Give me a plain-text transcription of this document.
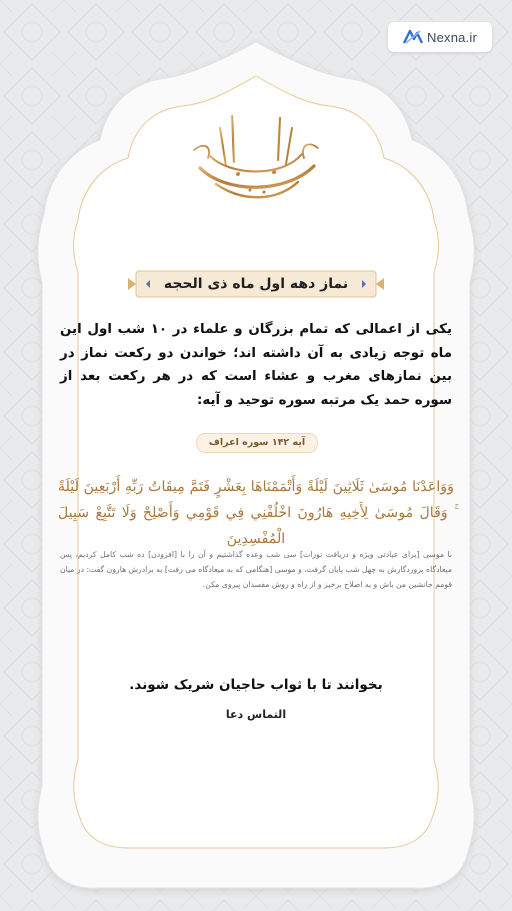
Nexna.ir
نماز دهه اول ماه ذی الحجه
یکی از اعمالی که تمام بزرگان و علماء در ۱۰ شب اول این ماه توجه زیادی به آن داشته اند؛ خواندن دو رکعت نماز در بین نمازهای مغرب و عشاء است که در هر رکعت بعد از سوره حمد یک مرتبه سوره توحید و آیه:
آیه ۱۴۲ سوره اعراف
وَوَاعَدْنَا مُوسَىٰ ثَلَاثِينَ لَيْلَةً وَأَتْمَمْنَاهَا بِعَشْرٍ فَتَمَّ مِيقَاتُ رَبِّهِ أَرْبَعِينَ لَيْلَةً ۚ وَقَالَ مُوسَىٰ لِأَخِيهِ هَارُونَ اخْلُفْنِي فِي قَوْمِي وَأَصْلِحْ وَلَا تَتَّبِعْ سَبِيلَ الْمُفْسِدِينَ
با موسی [برای عبادتی ویژه و دریافت تورات] سی شب وعده گذاشتیم و آن را با [افزودن] ده شب کامل کردیم، پس میعادگاه پروردگارش به چهل شب پایان گرفت، و موسی [هنگامی که به میعادگاه می رفت] به برادرش هارون گفت: در میان قومم جانشین من باش و به اصلاح برخیز و از راه و روش مفسدان پیروی مکن.
بخوانند تا با ثواب حاجیان شریک شوند.
التماس دعا
